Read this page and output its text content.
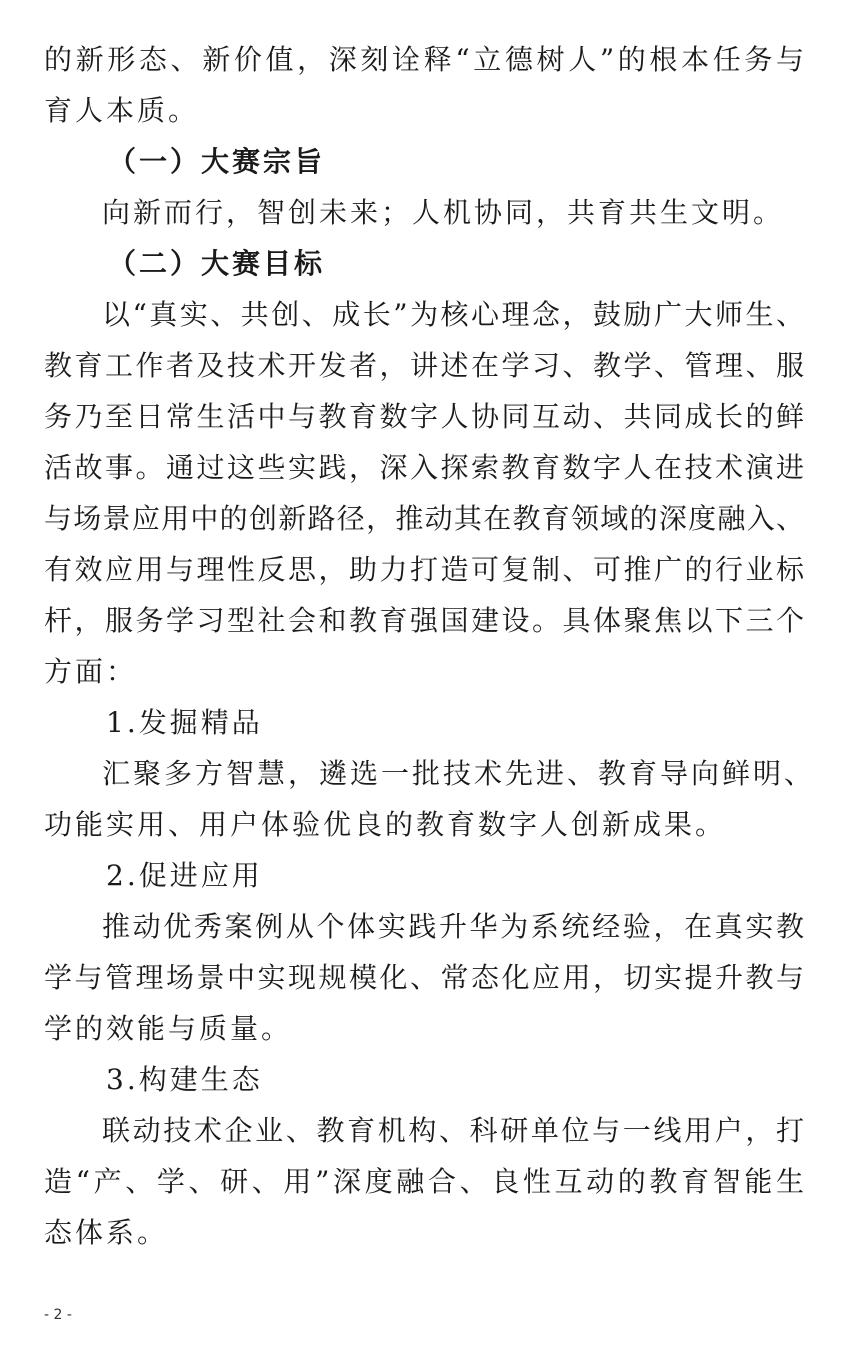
的新形态、新价值，深刻诠释“立德树人”的根本任务与
育人本质。
（一）大赛宗旨
向新而行，智创未来；人机协同，共育共生文明。
（二）大赛目标
以“真实、共创、成长”为核心理念，鼓励广大师生、
教育工作者及技术开发者，讲述在学习、教学、管理、服
务乃至日常生活中与教育数字人协同互动、共同成长的鲜
活故事。通过这些实践，深入探索教育数字人在技术演进
与场景应用中的创新路径，推动其在教育领域的深度融入、
有效应用与理性反思，助力打造可复制、可推广的行业标
杆，服务学习型社会和教育强国建设。具体聚焦以下三个
方面：
1.发掘精品
汇聚多方智慧，遴选一批技术先进、教育导向鲜明、
功能实用、用户体验优良的教育数字人创新成果。
2.促进应用
推动优秀案例从个体实践升华为系统经验，在真实教
学与管理场景中实现规模化、常态化应用，切实提升教与
学的效能与质量。
3.构建生态
联动技术企业、教育机构、科研单位与一线用户，打
造“产、学、研、用”深度融合、良性互动的教育智能生
态体系。
- 2 -
